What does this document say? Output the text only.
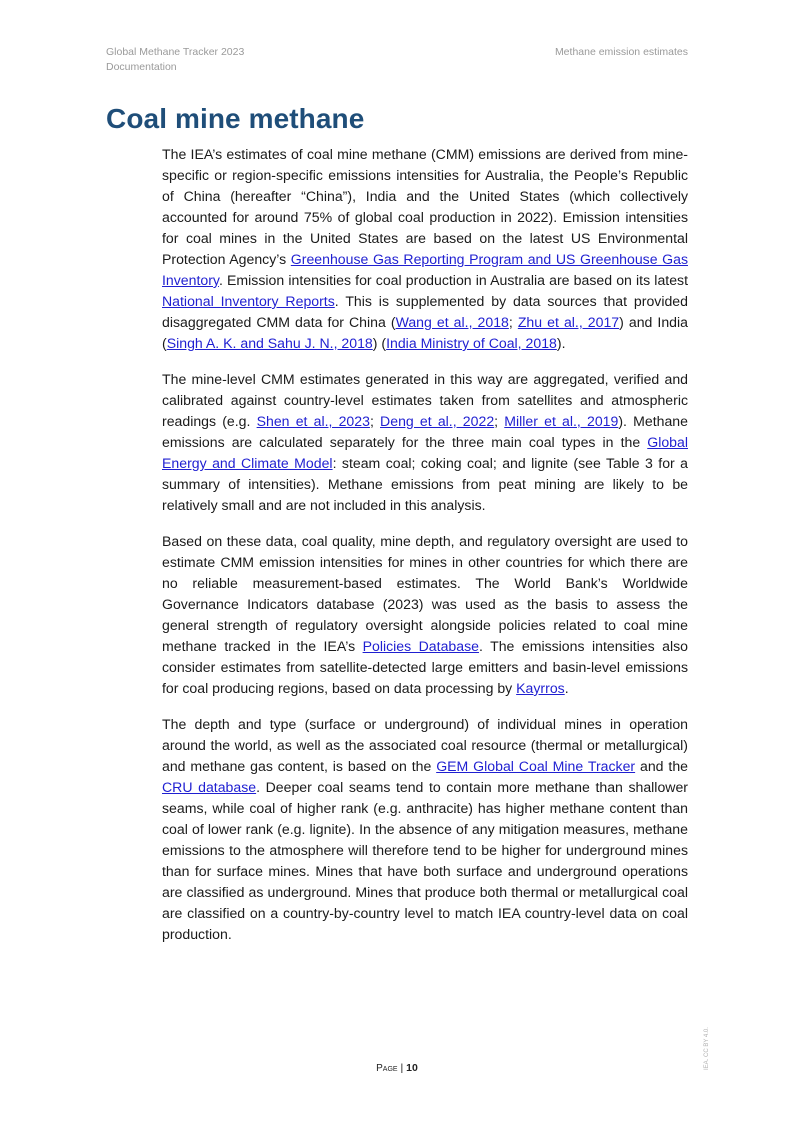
Global Methane Tracker 2023
Documentation
Methane emission estimates
Coal mine methane

The IEA’s estimates of coal mine methane (CMM) emissions are derived from mine-specific or region-specific emissions intensities for Australia, the People’s Republic of China (hereafter “China”), India and the United States (which collectively accounted for around 75% of global coal production in 2022). Emission intensities for coal mines in the United States are based on the latest US Environmental Protection Agency’s Greenhouse Gas Reporting Program and US Greenhouse Gas Inventory. Emission intensities for coal production in Australia are based on its latest National Inventory Reports. This is supplemented by data sources that provided disaggregated CMM data for China (Wang et al., 2018; Zhu et al., 2017) and India (Singh A. K. and Sahu J. N., 2018) (India Ministry of Coal, 2018).

The mine-level CMM estimates generated in this way are aggregated, verified and calibrated against country-level estimates taken from satellites and atmospheric readings (e.g. Shen et al., 2023; Deng et al., 2022; Miller et al., 2019). Methane emissions are calculated separately for the three main coal types in the Global Energy and Climate Model: steam coal; coking coal; and lignite (see Table 3 for a summary of intensities). Methane emissions from peat mining are likely to be relatively small and are not included in this analysis.

Based on these data, coal quality, mine depth, and regulatory oversight are used to estimate CMM emission intensities for mines in other countries for which there are no reliable measurement-based estimates. The World Bank’s Worldwide Governance Indicators database (2023) was used as the basis to assess the general strength of regulatory oversight alongside policies related to coal mine methane tracked in the IEA’s Policies Database. The emissions intensities also consider estimates from satellite-detected large emitters and basin-level emissions for coal producing regions, based on data processing by Kayrros.

The depth and type (surface or underground) of individual mines in operation around the world, as well as the associated coal resource (thermal or metallurgical) and methane gas content, is based on the GEM Global Coal Mine Tracker and the CRU database. Deeper coal seams tend to contain more methane than shallower seams, while coal of higher rank (e.g. anthracite) has higher methane content than coal of lower rank (e.g. lignite). In the absence of any mitigation measures, methane emissions to the atmosphere will therefore tend to be higher for underground mines than for surface mines. Mines that have both surface and underground operations are classified as underground. Mines that produce both thermal or metallurgical coal are classified on a country-by-country level to match IEA country-level data on coal production.

Page | 10	IEA. CC BY 4.0.
